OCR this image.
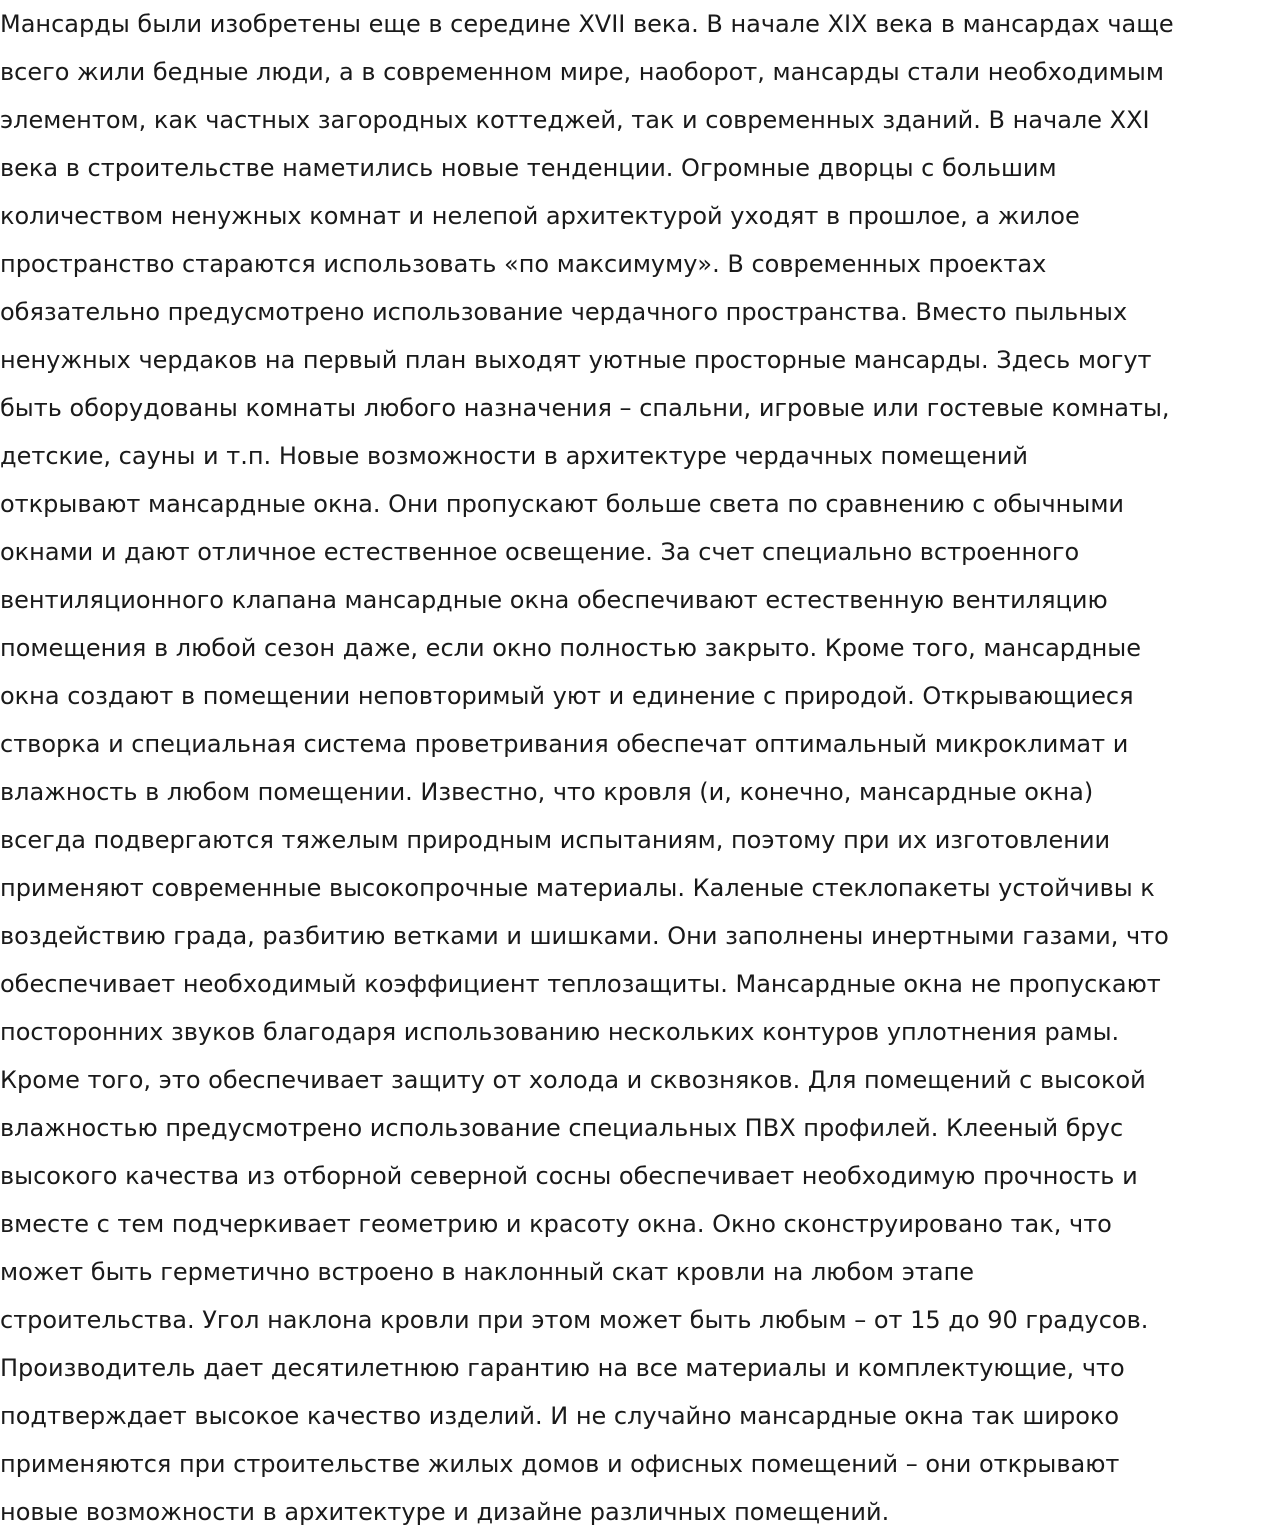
Мансарды были изобретены еще в середине XVII века. В начале XIX века в мансардах чаще
всего жили бедные люди, а в современном мире, наоборот, мансарды стали необходимым
элементом, как частных загородных коттеджей, так и современных зданий. В начале XXI
века в строительстве наметились новые тенденции. Огромные дворцы с большим
количеством ненужных комнат и нелепой архитектурой уходят в прошлое, а жилое
пространство стараются использовать «по максимуму». В современных проектах
обязательно предусмотрено использование чердачного пространства. Вместо пыльных
ненужных чердаков на первый план выходят уютные просторные мансарды. Здесь могут
быть оборудованы комнаты любого назначения – спальни, игровые или гостевые комнаты,
детские, сауны и т.п. Новые возможности в архитектуре чердачных помещений
открывают мансардные окна. Они пропускают больше света по сравнению с обычными
окнами и дают отличное естественное освещение. За счет специально встроенного
вентиляционного клапана мансардные окна обеспечивают естественную вентиляцию
помещения в любой сезон даже, если окно полностью закрыто. Кроме того, мансардные
окна создают в помещении неповторимый уют и единение с природой. Открывающиеся
створка и специальная система проветривания обеспечат оптимальный микроклимат и
влажность в любом помещении. Известно, что кровля (и, конечно, мансардные окна)
всегда подвергаются тяжелым природным испытаниям, поэтому при их изготовлении
применяют современные высокопрочные материалы. Каленые стеклопакеты устойчивы к
воздействию града, разбитию ветками и шишками. Они заполнены инертными газами, что
обеспечивает необходимый коэффициент теплозащиты. Мансардные окна не пропускают
посторонних звуков благодаря использованию нескольких контуров уплотнения рамы.
Кроме того, это обеспечивает защиту от холода и сквозняков. Для помещений с высокой
влажностью предусмотрено использование специальных ПВХ профилей. Клееный брус
высокого качества из отборной северной сосны обеспечивает необходимую прочность и
вместе с тем подчеркивает геометрию и красоту окна. Окно сконструировано так, что
может быть герметично встроено в наклонный скат кровли на любом этапе
строительства. Угол наклона кровли при этом может быть любым – от 15 до 90 градусов.
Производитель дает десятилетнюю гарантию на все материалы и комплектующие, что
подтверждает высокое качество изделий. И не случайно мансардные окна так широко
применяются при строительстве жилых домов и офисных помещений – они открывают
новые возможности в архитектуре и дизайне различных помещений.
